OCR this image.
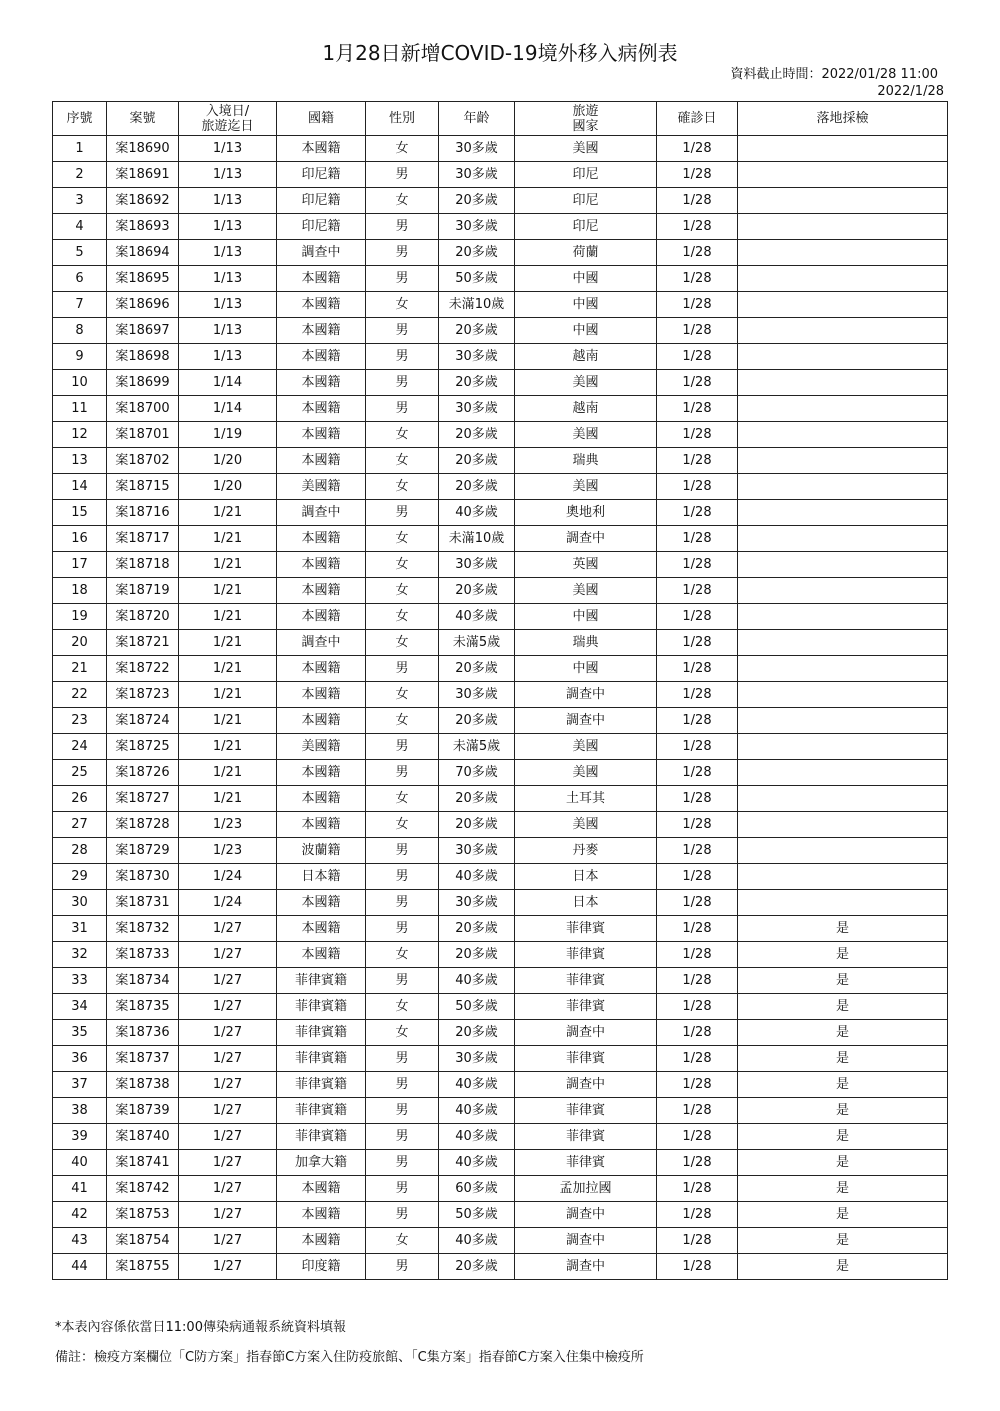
1月28日新增COVID-19境外移入病例表
資料截止時間：2022/01/28 11:00
2022/1/28
序號	案號	入境日/
旅遊迄日	國籍	性別	年齡	旅遊
國家	確診日	落地採檢
1	案18690	1/13	本國籍	女	30多歲	美國	1/28	
2	案18691	1/13	印尼籍	男	30多歲	印尼	1/28	
3	案18692	1/13	印尼籍	女	20多歲	印尼	1/28	
4	案18693	1/13	印尼籍	男	30多歲	印尼	1/28	
5	案18694	1/13	調查中	男	20多歲	荷蘭	1/28	
6	案18695	1/13	本國籍	男	50多歲	中國	1/28	
7	案18696	1/13	本國籍	女	未滿10歲	中國	1/28	
8	案18697	1/13	本國籍	男	20多歲	中國	1/28	
9	案18698	1/13	本國籍	男	30多歲	越南	1/28	
10	案18699	1/14	本國籍	男	20多歲	美國	1/28	
11	案18700	1/14	本國籍	男	30多歲	越南	1/28	
12	案18701	1/19	本國籍	女	20多歲	美國	1/28	
13	案18702	1/20	本國籍	女	20多歲	瑞典	1/28	
14	案18715	1/20	美國籍	女	20多歲	美國	1/28	
15	案18716	1/21	調查中	男	40多歲	奧地利	1/28	
16	案18717	1/21	本國籍	女	未滿10歲	調查中	1/28	
17	案18718	1/21	本國籍	女	30多歲	英國	1/28	
18	案18719	1/21	本國籍	女	20多歲	美國	1/28	
19	案18720	1/21	本國籍	女	40多歲	中國	1/28	
20	案18721	1/21	調查中	女	未滿5歲	瑞典	1/28	
21	案18722	1/21	本國籍	男	20多歲	中國	1/28	
22	案18723	1/21	本國籍	女	30多歲	調查中	1/28	
23	案18724	1/21	本國籍	女	20多歲	調查中	1/28	
24	案18725	1/21	美國籍	男	未滿5歲	美國	1/28	
25	案18726	1/21	本國籍	男	70多歲	美國	1/28	
26	案18727	1/21	本國籍	女	20多歲	土耳其	1/28	
27	案18728	1/23	本國籍	女	20多歲	美國	1/28	
28	案18729	1/23	波蘭籍	男	30多歲	丹麥	1/28	
29	案18730	1/24	日本籍	男	40多歲	日本	1/28	
30	案18731	1/24	本國籍	男	30多歲	日本	1/28	
31	案18732	1/27	本國籍	男	20多歲	菲律賓	1/28	是
32	案18733	1/27	本國籍	女	20多歲	菲律賓	1/28	是
33	案18734	1/27	菲律賓籍	男	40多歲	菲律賓	1/28	是
34	案18735	1/27	菲律賓籍	女	50多歲	菲律賓	1/28	是
35	案18736	1/27	菲律賓籍	女	20多歲	調查中	1/28	是
36	案18737	1/27	菲律賓籍	男	30多歲	菲律賓	1/28	是
37	案18738	1/27	菲律賓籍	男	40多歲	調查中	1/28	是
38	案18739	1/27	菲律賓籍	男	40多歲	菲律賓	1/28	是
39	案18740	1/27	菲律賓籍	男	40多歲	菲律賓	1/28	是
40	案18741	1/27	加拿大籍	男	40多歲	菲律賓	1/28	是
41	案18742	1/27	本國籍	男	60多歲	孟加拉國	1/28	是
42	案18753	1/27	本國籍	男	50多歲	調查中	1/28	是
43	案18754	1/27	本國籍	女	40多歲	調查中	1/28	是
44	案18755	1/27	印度籍	男	20多歲	調查中	1/28	是
*本表內容係依當日11:00傳染病通報系統資料填報
備註：檢疫方案欄位「C防方案」指春節C方案入住防疫旅館、「C集方案」指春節C方案入住集中檢疫所
